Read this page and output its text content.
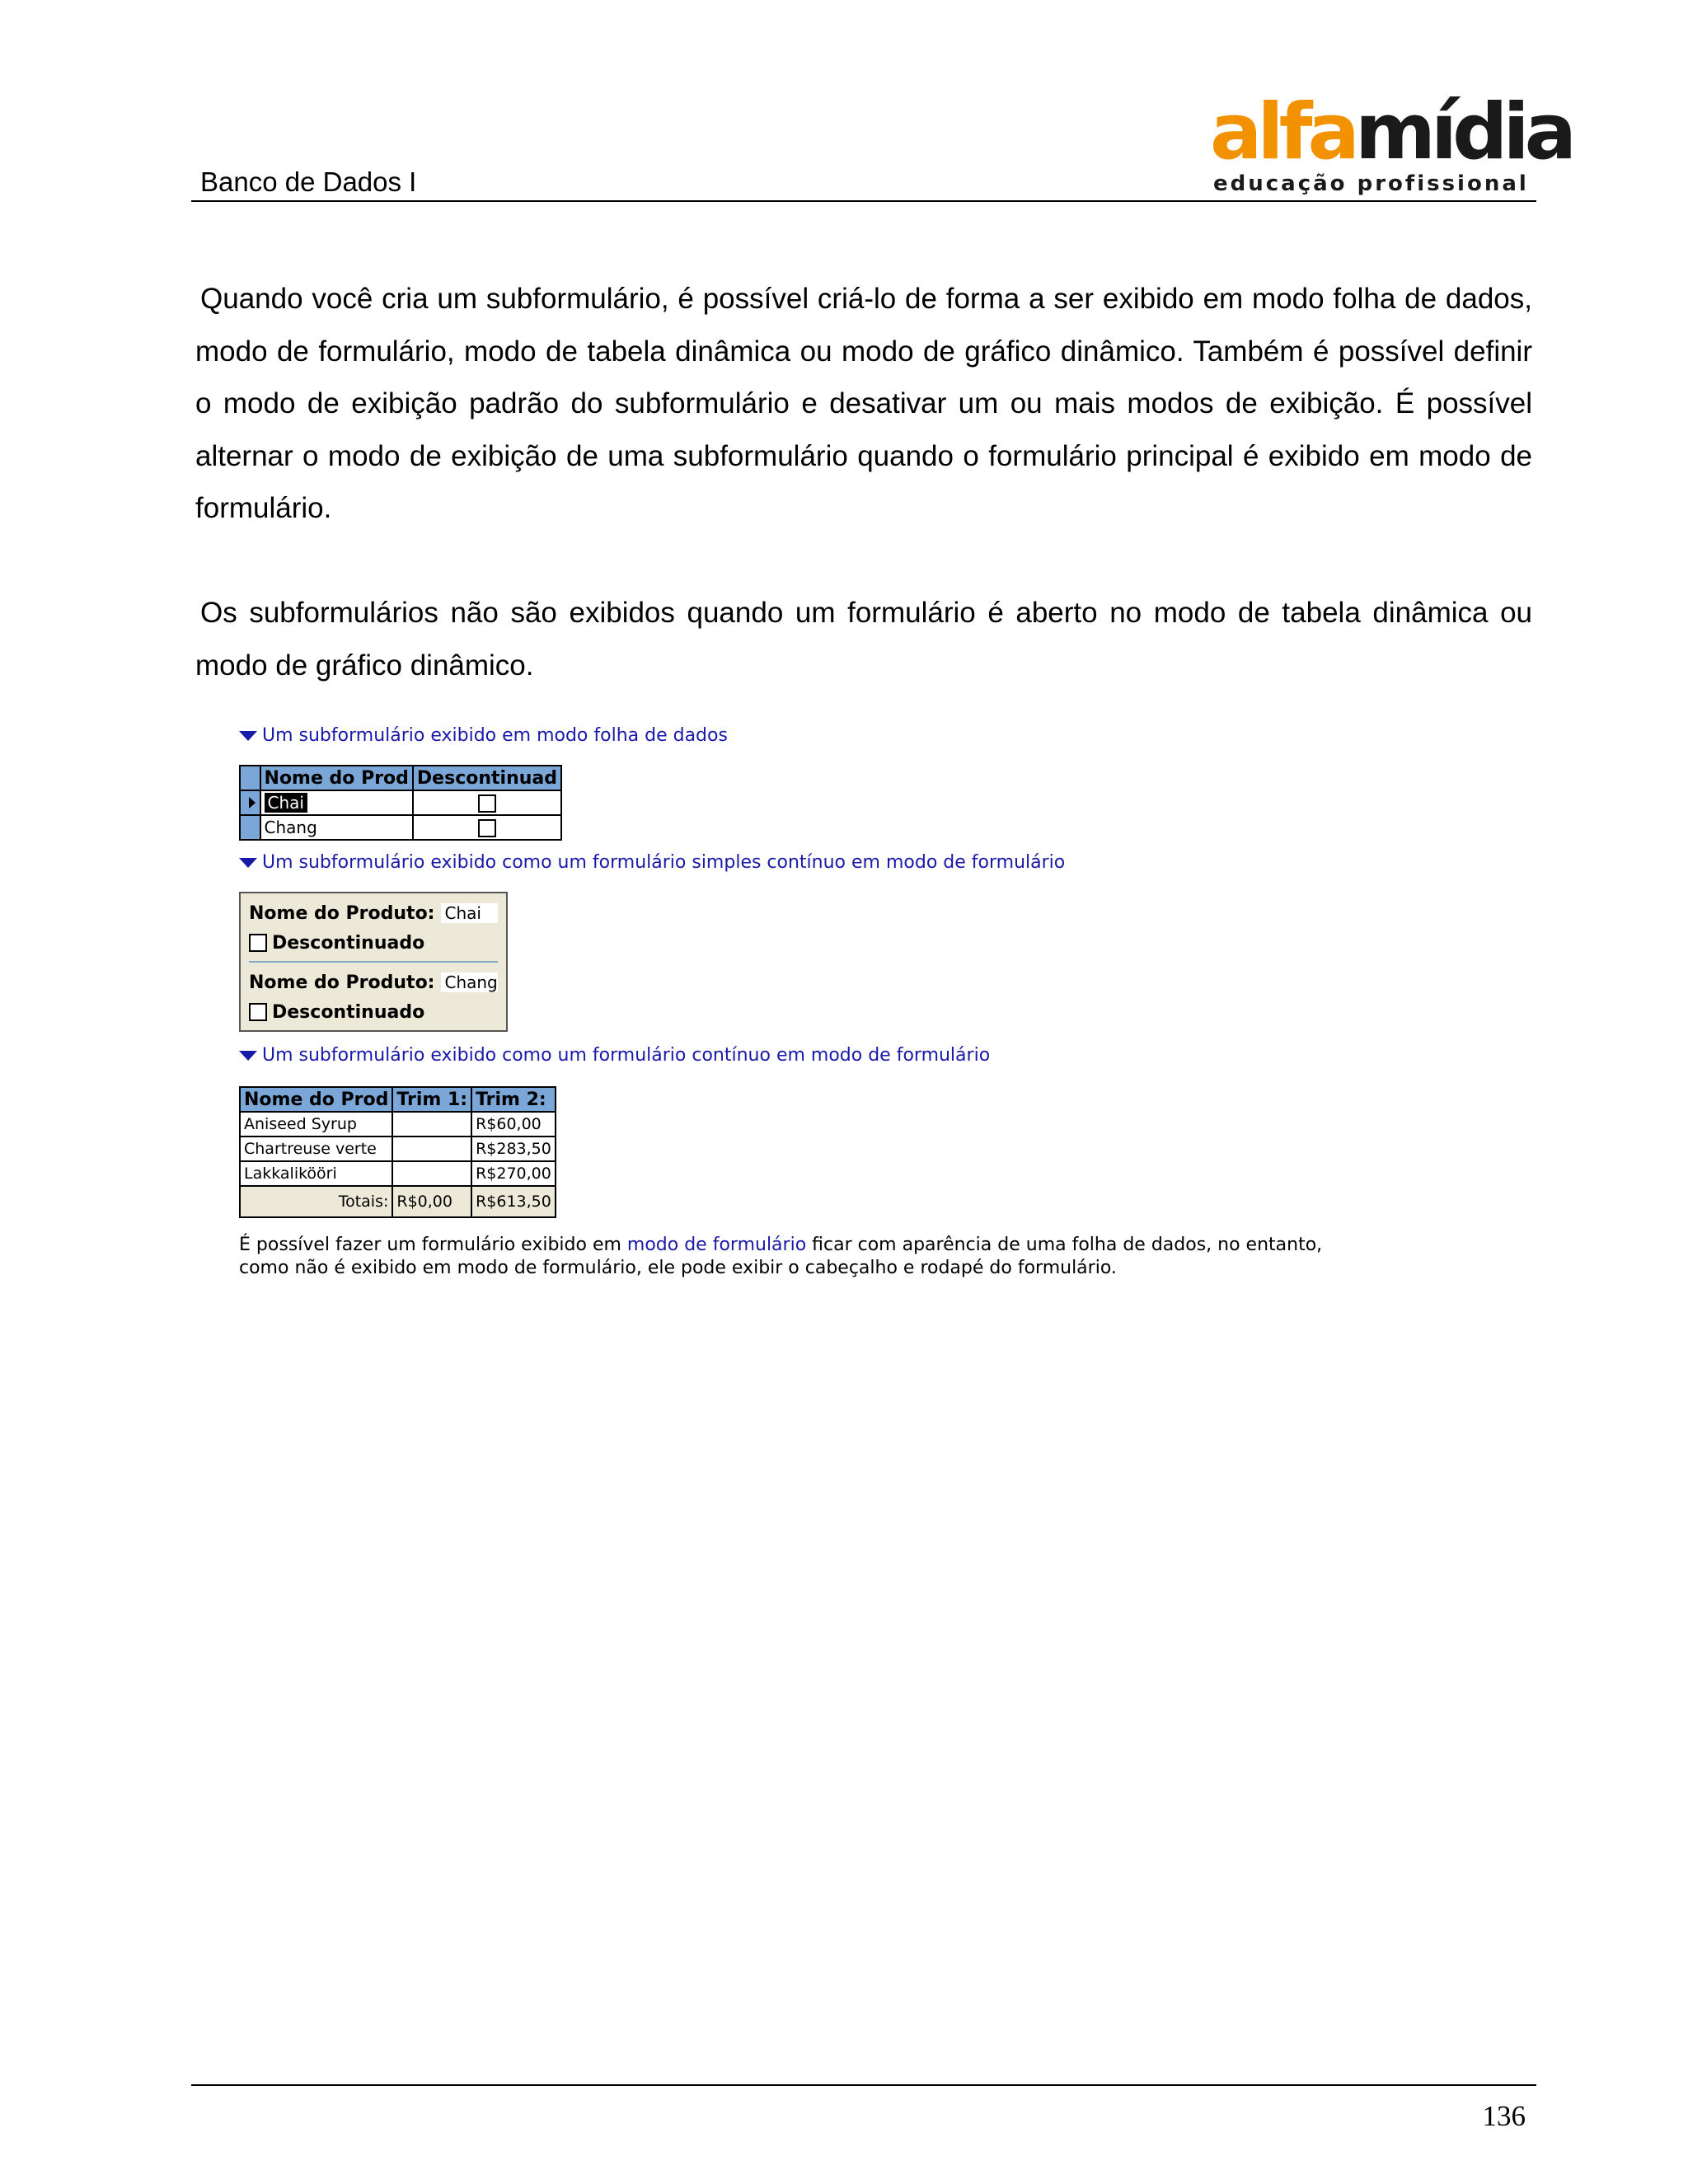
Banco de Dados I
alfa mídia
educação profissional

Quando você cria um subformulário, é possível criá-lo de forma a ser exibido em modo folha de dados, modo de formulário, modo de tabela dinâmica ou modo de gráfico dinâmico. Também é possível definir o modo de exibição padrão do subformulário e desativar um ou mais modos de exibição. É possível alternar o modo de exibição de uma subformulário quando o formulário principal é exibido em modo de formulário.

Os subformulários não são exibidos quando um formulário é aberto no modo de tabela dinâmica ou modo de gráfico dinâmico.

Um subformulário exibido em modo folha de dados
	Nome do Prod	Descontinuad
	Chai	
	Chang	
Um subformulário exibido como um formulário simples contínuo em modo de formulário
Nome do Produto: Chai
Descontinuado
Nome do Produto: Chang
Descontinuado
Um subformulário exibido como um formulário contínuo em modo de formulário
Nome do Prod	Trim 1:	Trim 2:
Aniseed Syrup		R$60,00
Chartreuse verte		R$283,50
Lakkalikööri		R$270,00
Totais:	R$0,00	R$613,50
É possível fazer um formulário exibido em modo de formulário ficar com aparência de uma folha de dados, no entanto, como não é exibido em modo de formulário, ele pode exibir o cabeçalho e rodapé do formulário.
136
